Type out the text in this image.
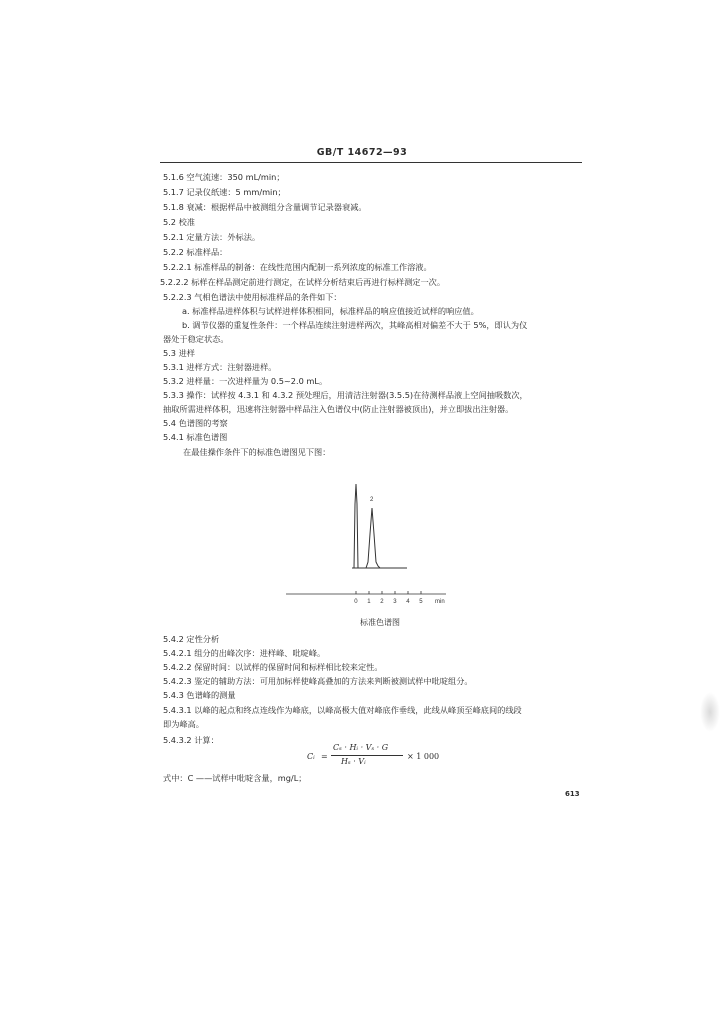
GB/T 14672—93
5.1.6 空气流速：350 mL/min；
5.1.7 记录仪纸速：5 mm/min；
5.1.8 衰减：根据样品中被测组分含量调节记录器衰减。
5.2 校准
5.2.1 定量方法：外标法。
5.2.2 标准样品：
5.2.2.1 标准样品的制备：在线性范围内配制一系列浓度的标准工作溶液。
5.2.2.2 标样在样品测定前进行测定，在试样分析结束后再进行标样测定一次。
5.2.2.3 气相色谱法中使用标准样品的条件如下：
a. 标准样品进样体积与试样进样体积相同，标准样品的响应值接近试样的响应值。
b. 调节仪器的重复性条件：一个样品连续注射进样两次，其峰高相对偏差不大于 5%，即认为仪
器处于稳定状态。
5.3 进样
5.3.1 进样方式：注射器进样。
5.3.2 进样量：一次进样量为 0.5~2.0 mL。
5.3.3 操作：试样按 4.3.1 和 4.3.2 预处理后，用清洁注射器(3.5.5)在待测样品液上空间抽吸数次，
抽取所需进样体积，迅速将注射器中样品注入色谱仪中(防止注射器被顶出)，并立即拔出注射器。
5.4 色谱图的考察
5.4.1 标准色谱图
在最佳操作条件下的标准色谱图见下图：
2
0 1 2 3 4 5 min
标准色谱图
5.4.2 定性分析
5.4.2.1 组分的出峰次序：进样峰、吡啶峰。
5.4.2.2 保留时间：以试样的保留时间和标样相比较来定性。
5.4.2.3 鉴定的辅助方法：可用加标样使峰高叠加的方法来判断被测试样中吡啶组分。
5.4.3 色谱峰的测量
5.4.3.1 以峰的起点和终点连线作为峰底，以峰高极大值对峰底作垂线，此线从峰顶至峰底间的线段
即为峰高。
5.4.3.2 计算：
Cᵢ =
Cₛ · Hᵢ · Vₛ · G
Hₛ · Vᵢ
× 1 000
式中：C ——试样中吡啶含量，mg/L；
613
